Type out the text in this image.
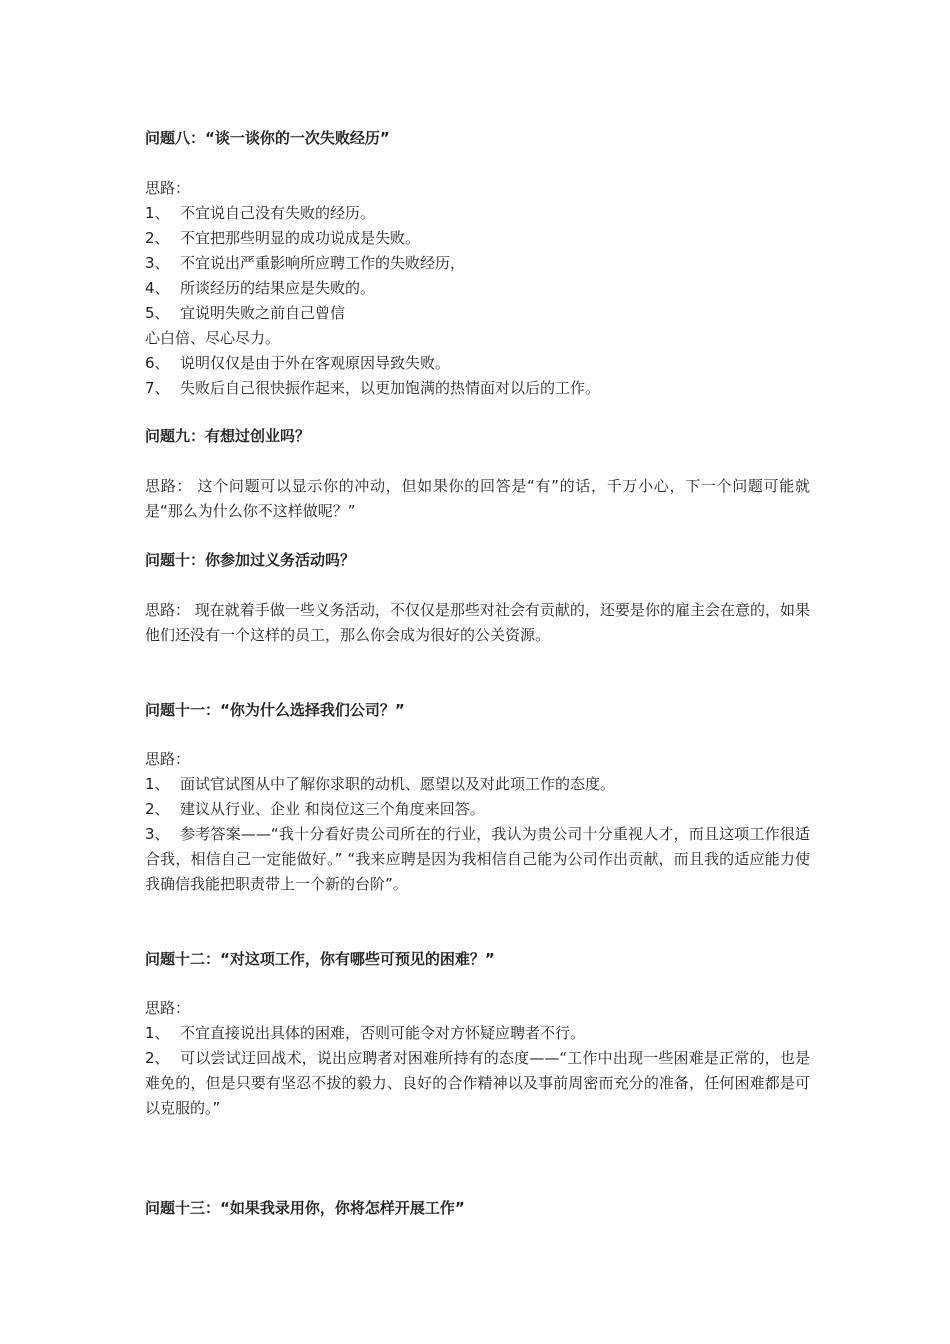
问题八：“谈一谈你的一次失败经历”

思路：

1、 不宜说自己没有失败的经历。

2、 不宜把那些明显的成功说成是失败。

3、 不宜说出严重影响所应聘工作的失败经历，

4、 所谈经历的结果应是失败的。

5、 宜说明失败之前自己曾信

心白倍、尽心尽力。

6、 说明仅仅是由于外在客观原因导致失败。

7、 失败后自己很快振作起来，以更加饱满的热情面对以后的工作。

问题九：有想过创业吗？

思路： 这个问题可以显示你的冲动，但如果你的回答是“有”的话，千万小心，下一个问题可能就是“那么为什么你不这样做呢？”

问题十：你参加过义务活动吗？

思路： 现在就着手做一些义务活动，不仅仅是那些对社会有贡献的，还要是你的雇主会在意的，如果他们还没有一个这样的员工，那么你会成为很好的公关资源。

问题十一：“你为什么选择我们公司？”

思路：

1、 面试官试图从中了解你求职的动机、愿望以及对此项工作的态度。

2、 建议从行业、企业 和岗位这三个角度来回答。

3、 参考答案——“我十分看好贵公司所在的行业，我认为贵公司十分重视人才，而且这项工作很适合我，相信自己一定能做好。” “我来应聘是因为我相信自己能为公司作出贡献，而且我的适应能力使我确信我能把职责带上一个新的台阶”。

问题十二：“对这项工作，你有哪些可预见的困难？”

思路：

1、 不宜直接说出具体的困难，否则可能令对方怀疑应聘者不行。

2、 可以尝试迂回战术，说出应聘者对困难所持有的态度——“工作中出现一些困难是正常的，也是难免的，但是只要有坚忍不拔的毅力、良好的合作精神以及事前周密而充分的准备，任何困难都是可以克服的。”

问题十三：“如果我录用你，你将怎样开展工作”
